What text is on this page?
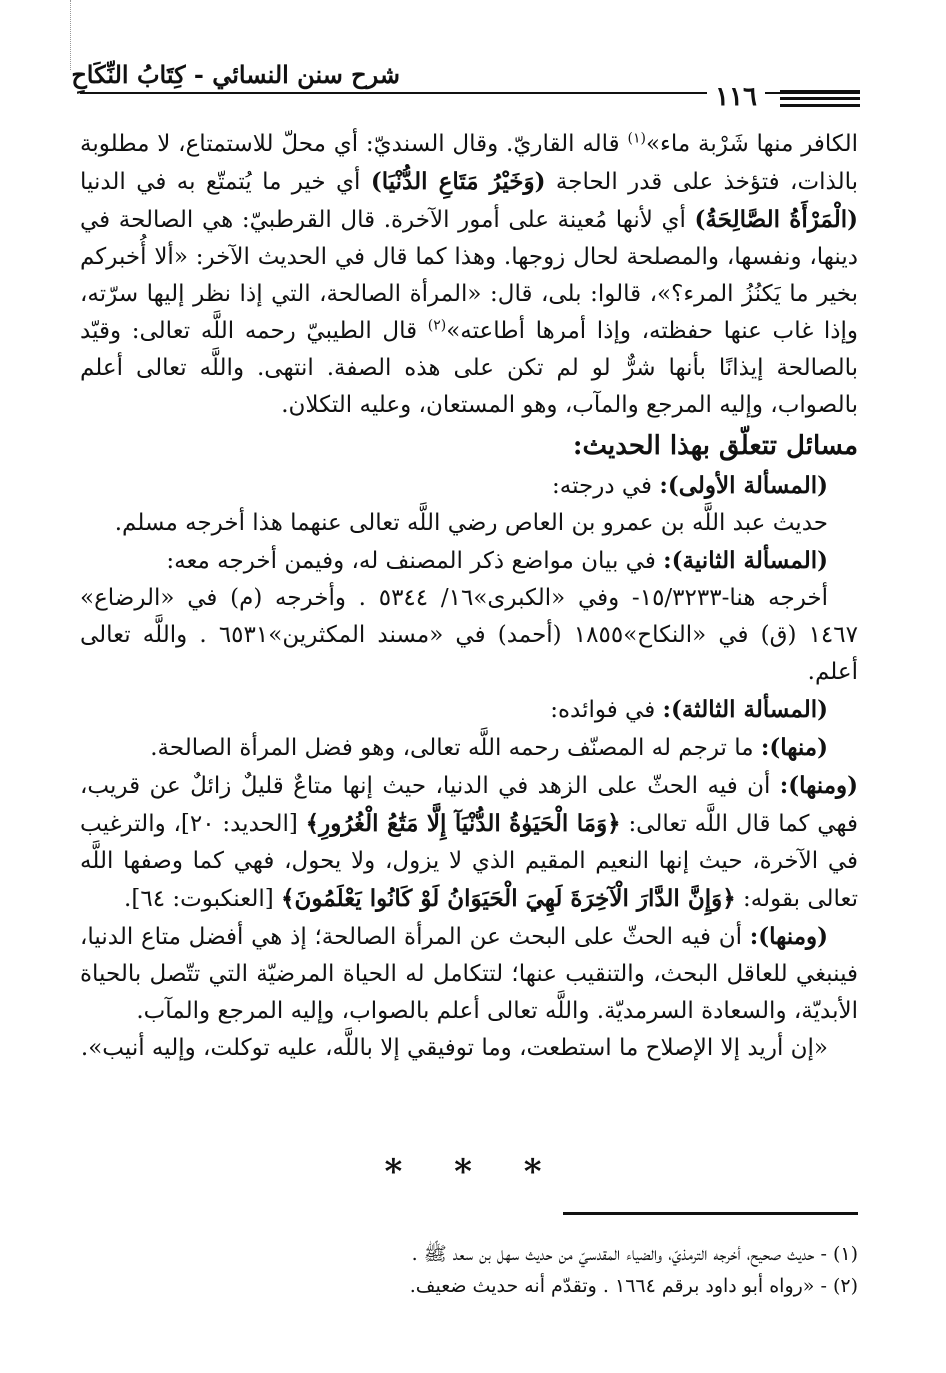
شرح سنن النسائي - كِتَابُ النِّكَاحِ
١١٦

الكافر منها شَرْبة ماء»$^{(١)}$ قاله القاريّ. وقال السنديّ: أي محلّ للاستمتاع، لا مطلوبة بالذات، فتؤخذ على قدر الحاجة (وَخَيْرُ مَتَاعِ الدُّنْيَا) أي خير ما يُتمتّع به في الدنيا (الْمَرْأَةُ الصَّالِحَةُ) أي لأنها مُعينة على أمور الآخرة. قال القرطبيّ: هي الصالحة في دينها، ونفسها، والمصلحة لحال زوجها. وهذا كما قال في الحديث الآخر: «ألا أُخبركم بخير ما يَكنُزُ المرء؟»، قالوا: بلى، قال: «المرأة الصالحة، التي إذا نظر إليها سرّته، وإذا غاب عنها حفظته، وإذا أمرها أطاعته»$^{(٢)}$ قال الطيبيّ رحمه اللَّه تعالى: وقيّد بالصالحة إيذانًا بأنها شرٌّ لو لم تكن على هذه الصفة. انتهى. واللَّه تعالى أعلم بالصواب، وإليه المرجع والمآب، وهو المستعان، وعليه التكلان.

مسائل تتعلّق بهذا الحديث:

(المسألة الأولى): في درجته:

حديث عبد اللَّه بن عمرو بن العاص رضي اللَّه تعالى عنهما هذا أخرجه مسلم.

(المسألة الثانية): في بيان مواضع ذكر المصنف له، وفيمن أخرجه معه:

أخرجه هنا-١٥/٣٢٣٣- وفي «الكبرى»١٦/ ٥٣٤٤ . وأخرجه (م) في «الرضاع» ١٤٦٧ (ق) في «النكاح»١٨٥٥ (أحمد) في «مسند المكثرين»٦٥٣١ . واللَّه تعالى أعلم.

(المسألة الثالثة): في فوائده:

(منها): ما ترجم له المصنّف رحمه اللَّه تعالى، وهو فضل المرأة الصالحة.

(ومنها): أن فيه الحثّ على الزهد في الدنيا، حيث إنها متاعٌ قليلٌ زائلٌ عن قريب، فهي كما قال اللَّه تعالى: ﴿وَمَا الْحَيَوٰةُ الدُّنْيَآ إِلَّا مَتَٰعُ الْغُرُورِ﴾ [الحديد: ٢٠]، والترغيب في الآخرة، حيث إنها النعيم المقيم الذي لا يزول، ولا يحول، فهي كما وصفها اللَّه تعالى بقوله: ﴿وَإِنَّ الدَّارَ الْآخِرَةَ لَهِيَ الْحَيَوَانُ لَوْ كَانُوا يَعْلَمُونَ﴾ [العنكبوت: ٦٤].

(ومنها): أن فيه الحثّ على البحث عن المرأة الصالحة؛ إذ هي أفضل متاع الدنيا، فينبغي للعاقل البحث، والتنقيب عنها؛ لتتكامل له الحياة المرضيّة التي تتّصل بالحياة الأبديّة، والسعادة السرمديّة. واللَّه تعالى أعلم بالصواب، وإليه المرجع والمآب.

«إن أريد إلا الإصلاح ما استطعت، وما توفيقي إلا باللَّه، عليه توكلت، وإليه أنيب».

* * *

(١) - حديث صحيح، أخرجه الترمذيّ، والضياء المقدسيّ من حديث سهل بن سعد ﷺ .

(٢) - «رواه أبو داود برقم ١٦٦٤ . وتقدّم أنه حديث ضعيف.
